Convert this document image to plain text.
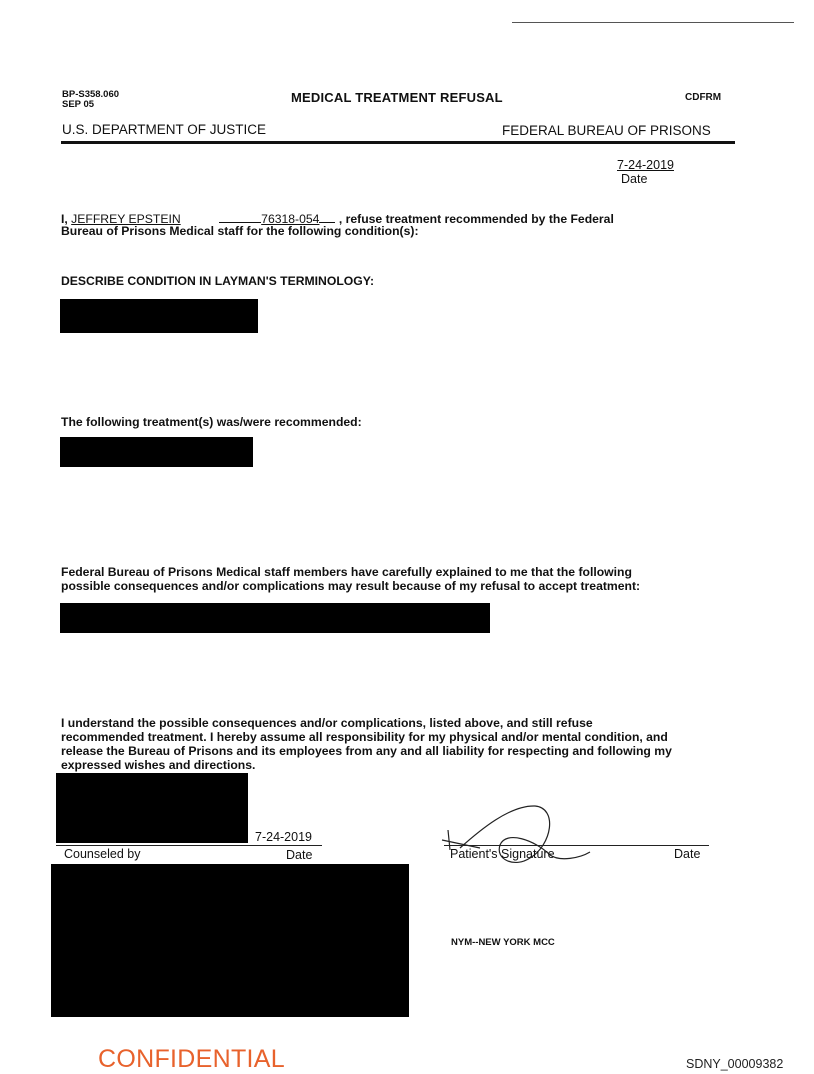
BP-S358.060
SEP 05	MEDICAL TREATMENT REFUSAL	CDFRM
U.S. DEPARTMENT OF JUSTICE	FEDERAL BUREAU OF PRISONS
7-24-2019
Date
I, JEFFREY EPSTEIN	76318-054 , refuse treatment recommended by the Federal
Bureau of Prisons Medical staff for the following condition(s):
DESCRIBE CONDITION IN LAYMAN'S TERMINOLOGY:
The following treatment(s) was/were recommended:
Federal Bureau of Prisons Medical staff members have carefully explained to me that the following
possible consequences and/or complications may result because of my refusal to accept treatment:
I understand the possible consequences and/or complications, listed above, and still refuse
recommended treatment. I hereby assume all responsibility for my physical and/or mental condition, and
release the Bureau of Prisons and its employees from any and all liability for respecting and following my
expressed wishes and directions.
7-24-2019
Counseled by	Date	Patient's Signature	Date
NYM--NEW YORK MCC
CONFIDENTIAL	SDNY_00009382
